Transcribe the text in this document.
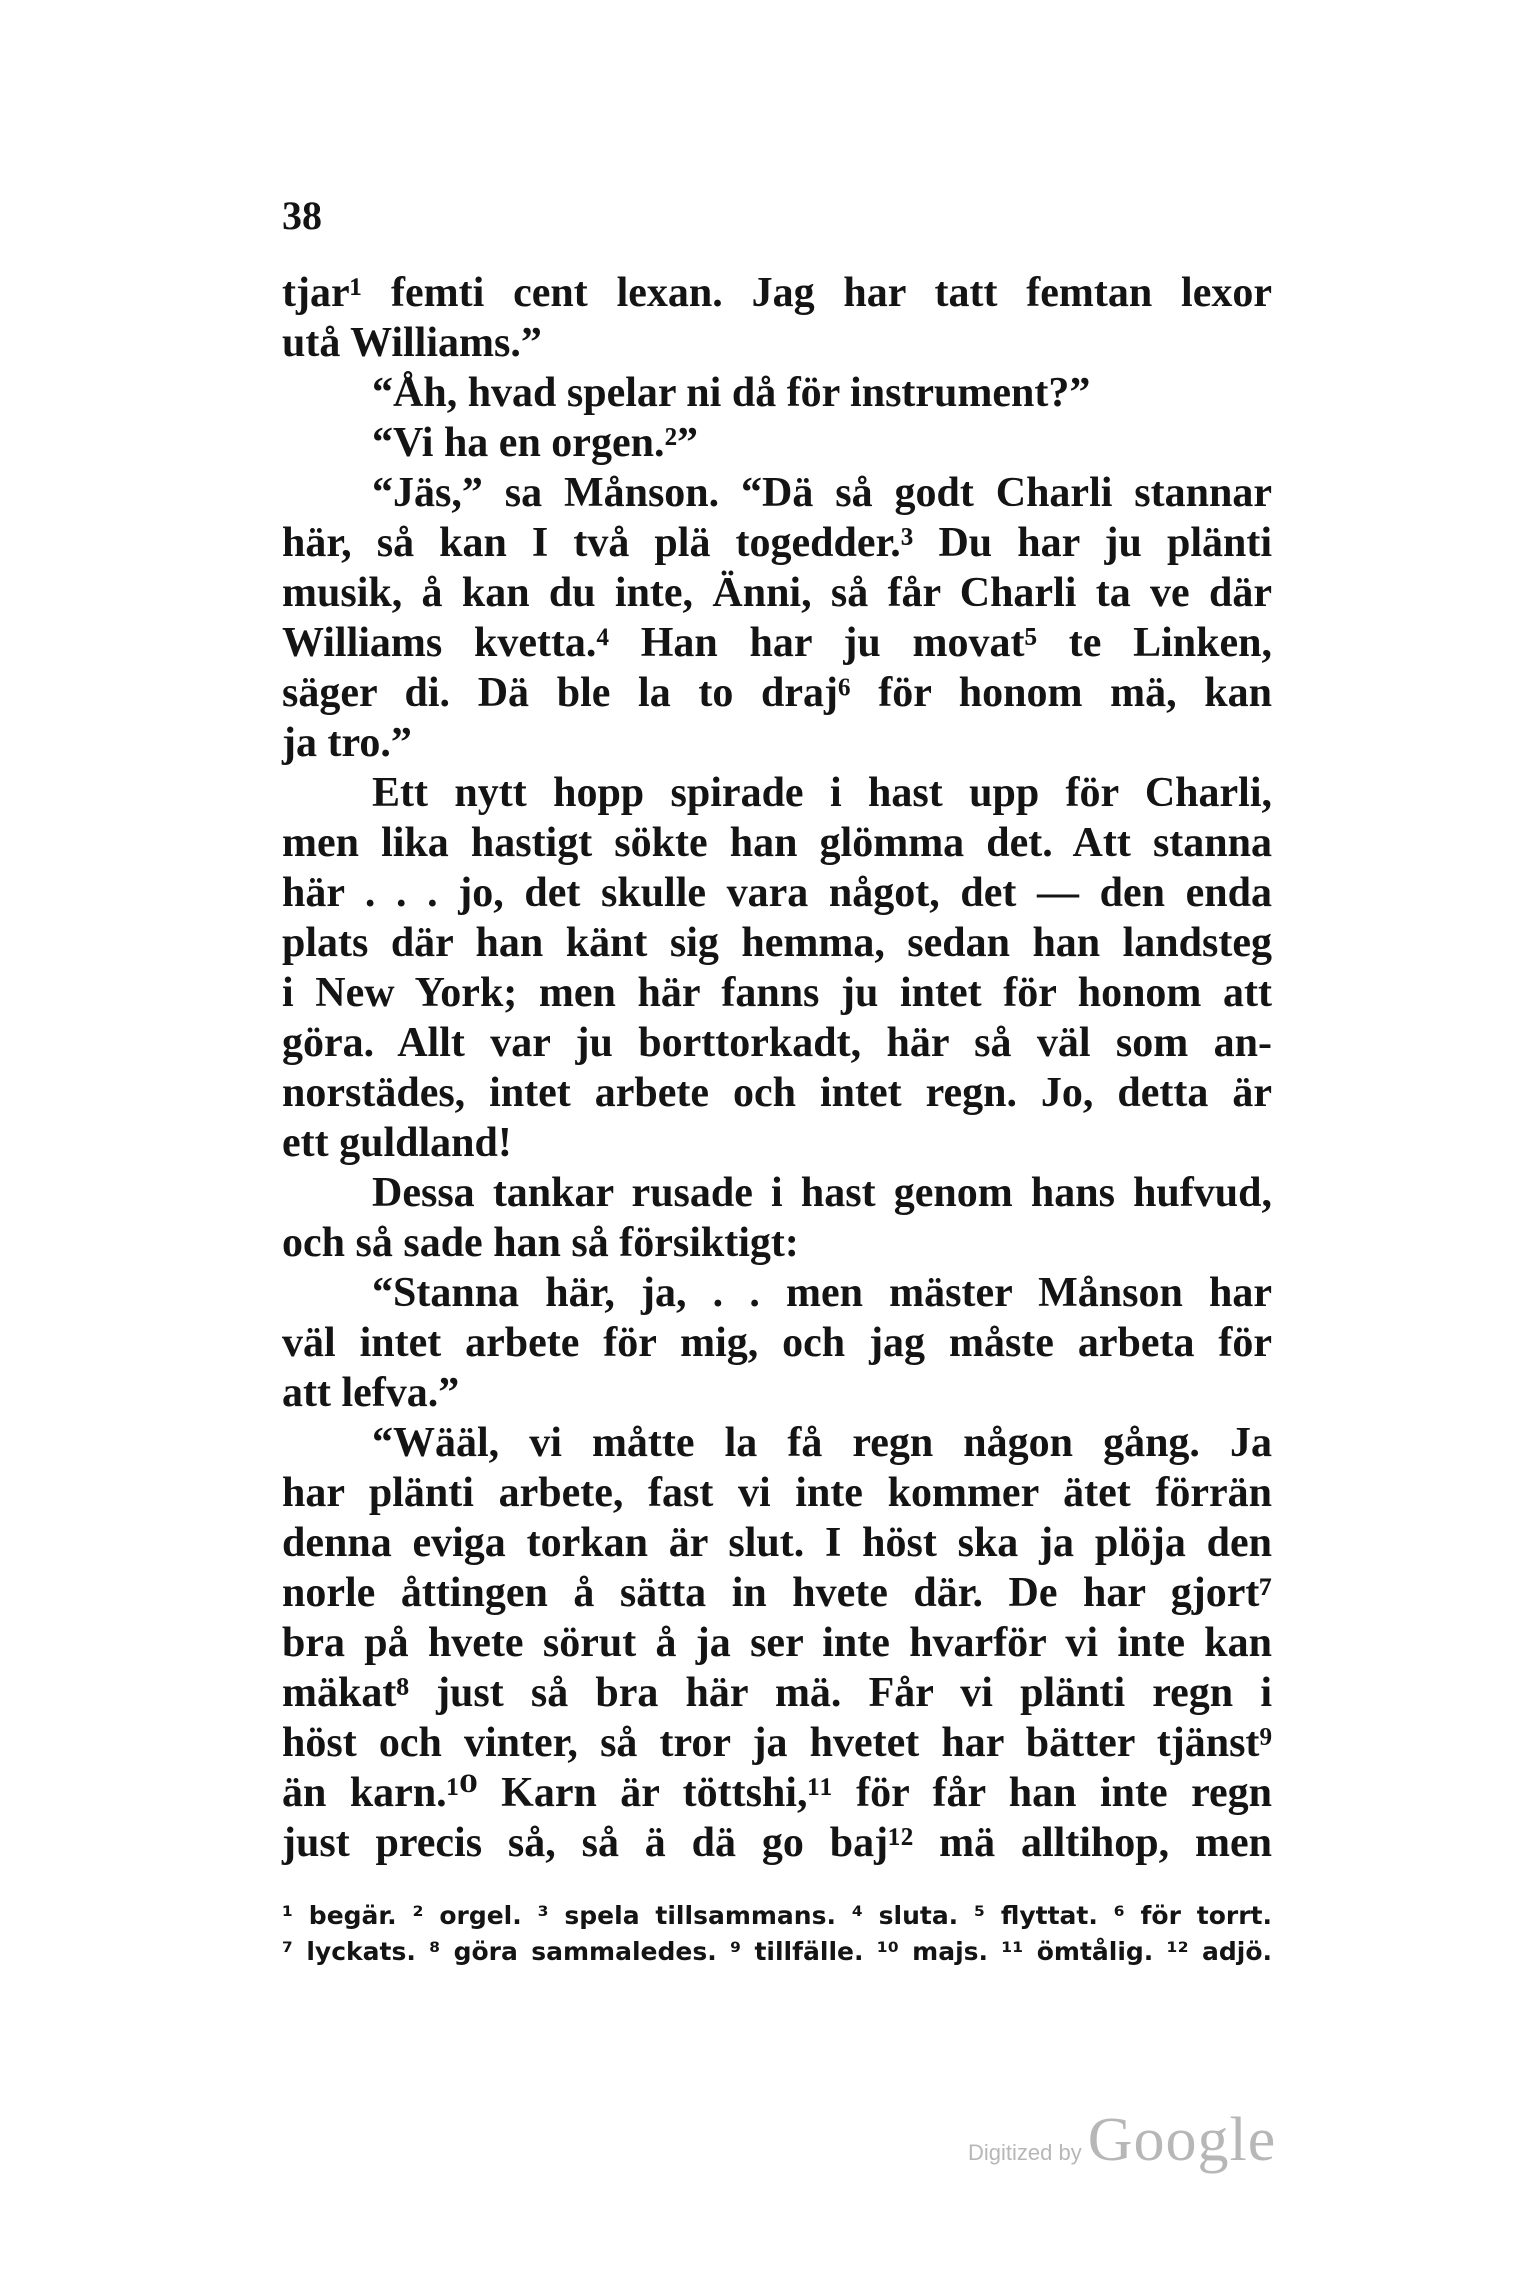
38
tjar¹ femti cent lexan. Jag har tatt femtan lexor
utå Williams.”
“Åh, hvad spelar ni då för instrument?”
“Vi ha en orgen.²”
“Jäs,” sa Månson. “Dä så godt Charli stannar
här, så kan I två plä togedder.³ Du har ju plänti
musik, å kan du inte, Änni, så får Charli ta ve där
Williams kvetta.⁴ Han har ju movat⁵ te Linken,
säger di. Dä ble la to draj⁶ för honom mä, kan
ja tro.”
Ett nytt hopp spirade i hast upp för Charli,
men lika hastigt sökte han glömma det. Att stanna
här . . . jo, det skulle vara något, det — den enda
plats där han känt sig hemma, sedan han landsteg
i New York; men här fanns ju intet för honom att
göra. Allt var ju borttorkadt, här så väl som an-
norstädes, intet arbete och intet regn. Jo, detta är
ett guldland!
Dessa tankar rusade i hast genom hans hufvud,
och så sade han så försiktigt:
“Stanna här, ja, . . men mäster Månson har
väl intet arbete för mig, och jag måste arbeta för
att lefva.”
“Wääl, vi måtte la få regn någon gång. Ja
har plänti arbete, fast vi inte kommer ätet förrän
denna eviga torkan är slut. I höst ska ja plöja den
norle åttingen å sätta in hvete där. De har gjort⁷
bra på hvete sörut å ja ser inte hvarför vi inte kan
mäkat⁸ just så bra här mä. Får vi plänti regn i
höst och vinter, så tror ja hvetet har bätter tjänst⁹
än karn.¹⁰ Karn är töttshi,¹¹ för får han inte regn
just precis så, så ä dä go baj¹² mä alltihop, men
¹ begär. ² orgel. ³ spela tillsammans. ⁴ sluta. ⁵ flyttat. ⁶ för torrt.
⁷ lyckats. ⁸ göra sammaledes. ⁹ tillfälle. ¹⁰ majs. ¹¹ ömtålig. ¹² adjö.
Digitized by Google
